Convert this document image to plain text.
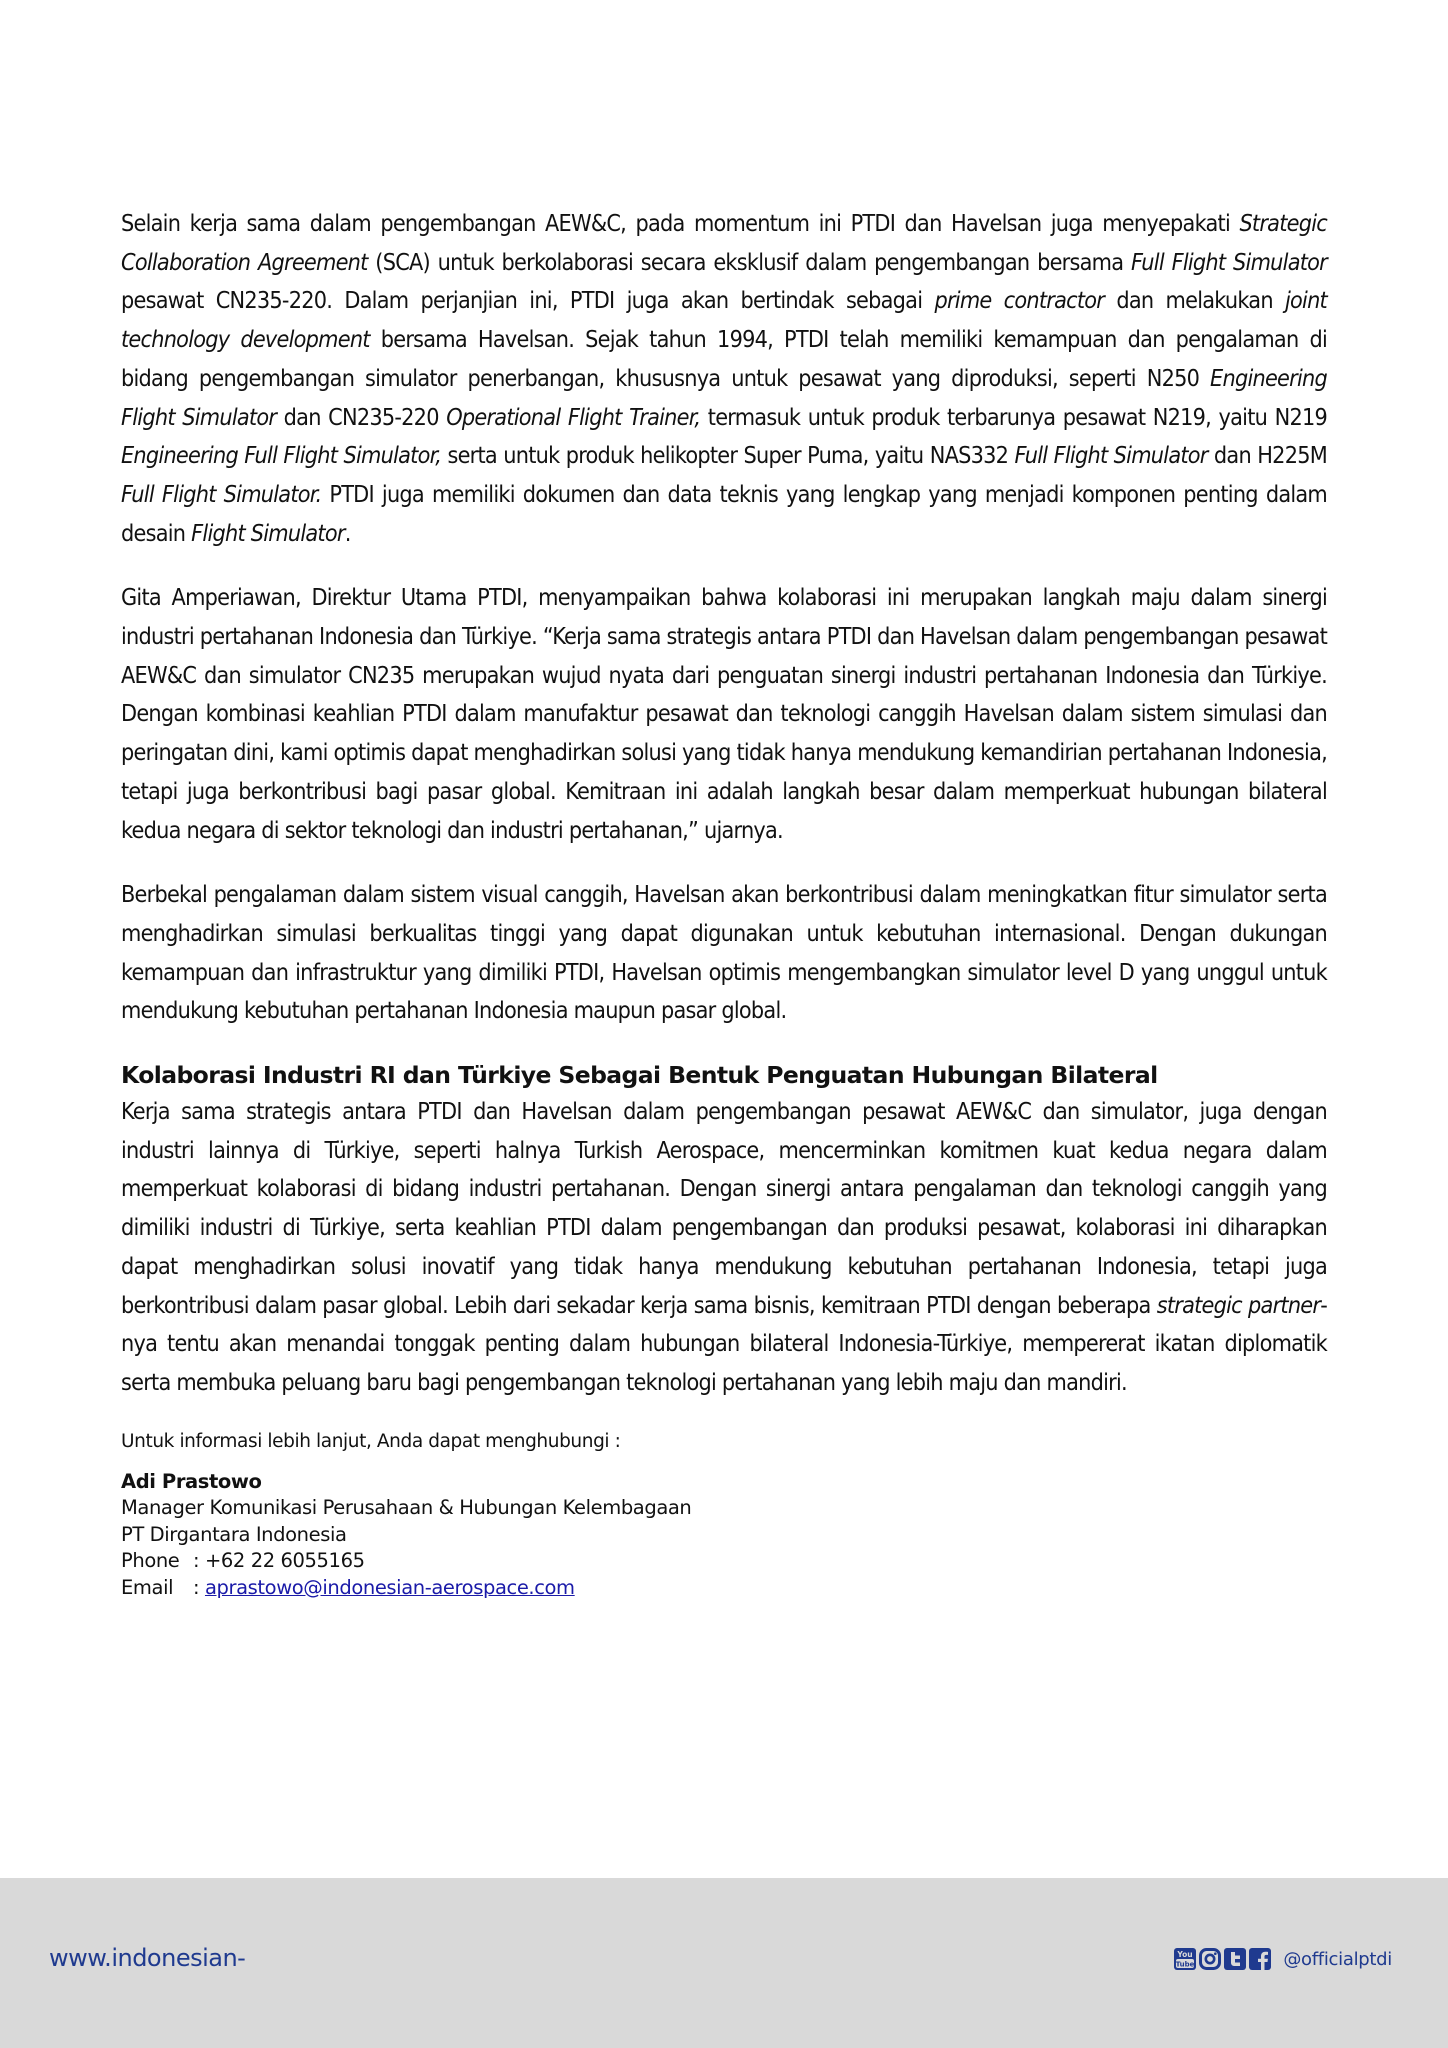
Selain kerja sama dalam pengembangan AEW&C, pada momentum ini PTDI dan Havelsan juga menyepakati Strategic Collaboration Agreement (SCA) untuk berkolaborasi secara eksklusif dalam pengembangan bersama Full Flight Simulator pesawat CN235-220. Dalam perjanjian ini, PTDI juga akan bertindak sebagai prime contractor dan melakukan joint technology development bersama Havelsan. Sejak tahun 1994, PTDI telah memiliki kemampuan dan pengalaman di bidang pengembangan simulator penerbangan, khususnya untuk pesawat yang diproduksi, seperti N250 Engineering Flight Simulator dan CN235-220 Operational Flight Trainer, termasuk untuk produk terbarunya pesawat N219, yaitu N219 Engineering Full Flight Simulator, serta untuk produk helikopter Super Puma, yaitu NAS332 Full Flight Simulator dan H225M Full Flight Simulator. PTDI juga memiliki dokumen dan data teknis yang lengkap yang menjadi komponen penting dalam desain Flight Simulator.

Gita Amperiawan, Direktur Utama PTDI, menyampaikan bahwa kolaborasi ini merupakan langkah maju dalam sinergi industri pertahanan Indonesia dan Türkiye. “Kerja sama strategis antara PTDI dan Havelsan dalam pengembangan pesawat AEW&C dan simulator CN235 merupakan wujud nyata dari penguatan sinergi industri pertahanan Indonesia dan Türkiye. Dengan kombinasi keahlian PTDI dalam manufaktur pesawat dan teknologi canggih Havelsan dalam sistem simulasi dan peringatan dini, kami optimis dapat menghadirkan solusi yang tidak hanya mendukung kemandirian pertahanan Indonesia, tetapi juga berkontribusi bagi pasar global. Kemitraan ini adalah langkah besar dalam memperkuat hubungan bilateral kedua negara di sektor teknologi dan industri pertahanan,” ujarnya.

Berbekal pengalaman dalam sistem visual canggih, Havelsan akan berkontribusi dalam meningkatkan fitur simulator serta menghadirkan simulasi berkualitas tinggi yang dapat digunakan untuk kebutuhan internasional. Dengan dukungan kemampuan dan infrastruktur yang dimiliki PTDI, Havelsan optimis mengembangkan simulator level D yang unggul untuk mendukung kebutuhan pertahanan Indonesia maupun pasar global.

Kolaborasi Industri RI dan Türkiye Sebagai Bentuk Penguatan Hubungan Bilateral

Kerja sama strategis antara PTDI dan Havelsan dalam pengembangan pesawat AEW&C dan simulator, juga dengan industri lainnya di Türkiye, seperti halnya Turkish Aerospace, mencerminkan komitmen kuat kedua negara dalam memperkuat kolaborasi di bidang industri pertahanan. Dengan sinergi antara pengalaman dan teknologi canggih yang dimiliki industri di Türkiye, serta keahlian PTDI dalam pengembangan dan produksi pesawat, kolaborasi ini diharapkan dapat menghadirkan solusi inovatif yang tidak hanya mendukung kebutuhan pertahanan Indonesia, tetapi juga berkontribusi dalam pasar global. Lebih dari sekadar kerja sama bisnis, kemitraan PTDI dengan beberapa strategic partner-nya tentu akan menandai tonggak penting dalam hubungan bilateral Indonesia-Türkiye, mempererat ikatan diplomatik serta membuka peluang baru bagi pengembangan teknologi pertahanan yang lebih maju dan mandiri.

Untuk informasi lebih lanjut, Anda dapat menghubungi :

Adi Prastowo
Manager Komunikasi Perusahaan & Hubungan Kelembagaan
PT Dirgantara Indonesia
Phone : +62 22 6055165
Email	: aprastowo@indonesian-aerospace.com
www.indonesian-	You
Tube	@officialptdi
